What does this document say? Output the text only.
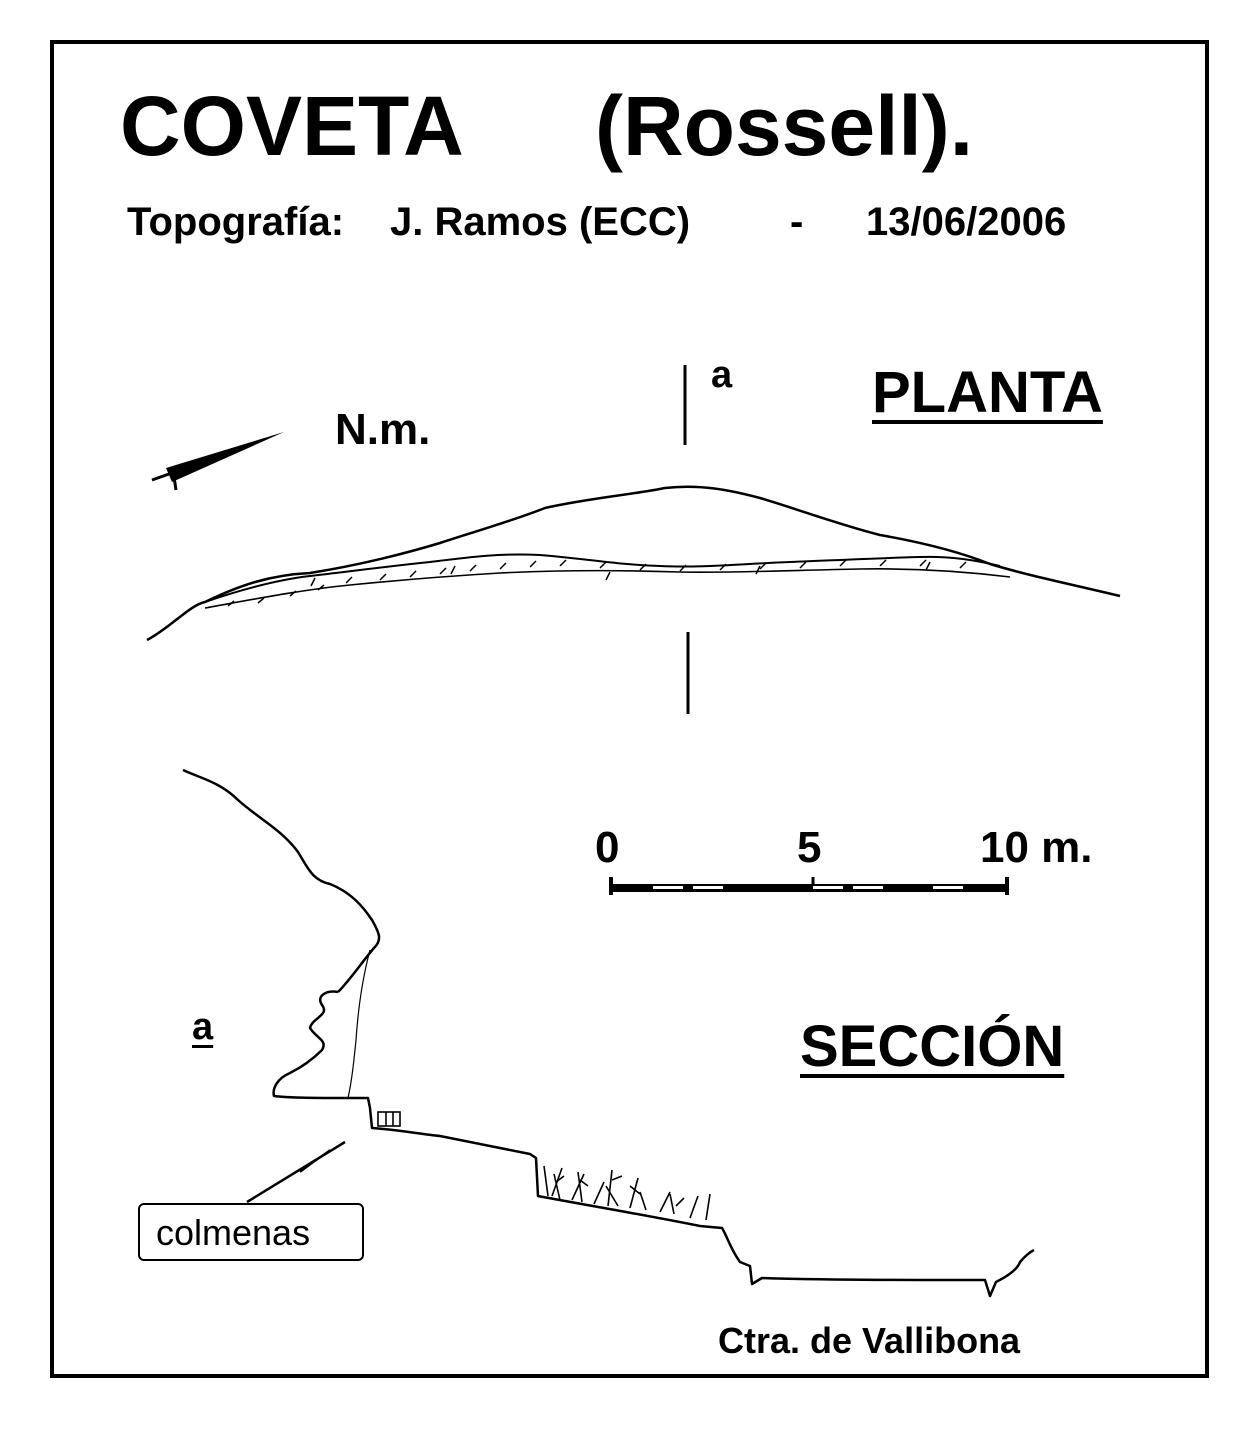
COVETA (Rossell).
Topografía: J. Ramos (ECC) - 13/06/2006
a PLANTA
N.m.
0	5	10 m.
a	SECCIÓN
colmenas
Ctra. de Vallibona
